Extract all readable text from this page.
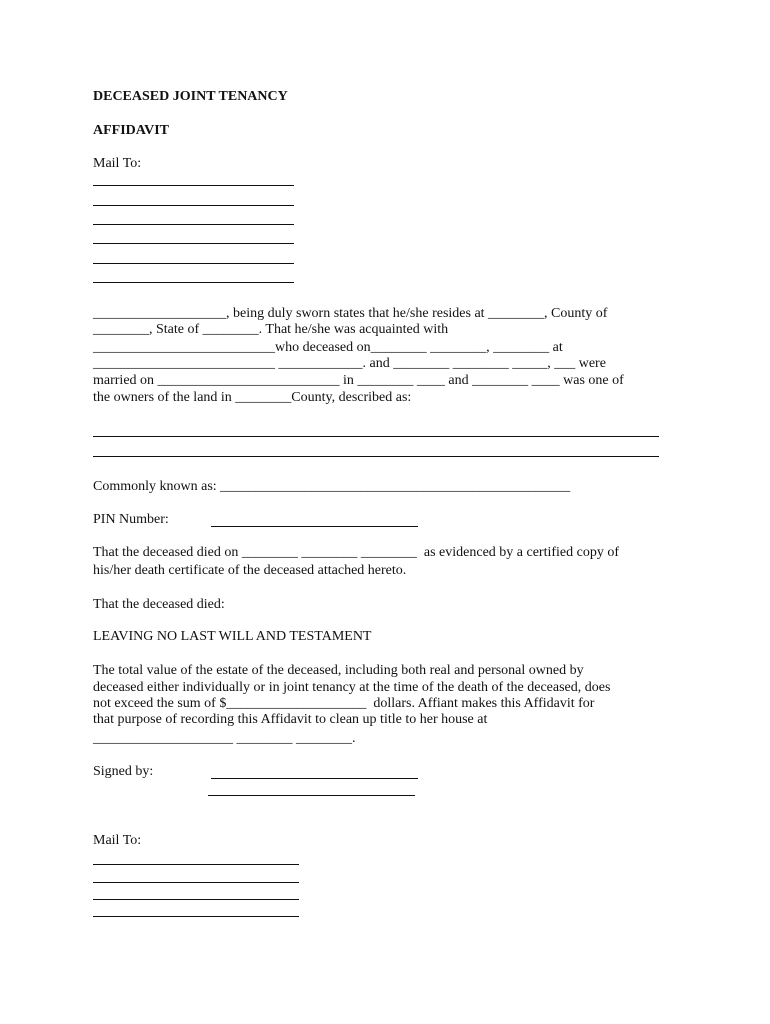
DECEASED JOINT TENANCY
AFFIDAVIT
Mail To:
___________________, being duly sworn states that he/she resides at ________, County of
________, State of ________. That he/she was acquainted with
__________________________who deceased on________ ________, ________ at
__________________________ ____________. and ________ ________ _____, ___ were
married on __________________________ in ________ ____ and ________ ____ was one of
the owners of the land in ________County, described as:
Commonly known as: __________________________________________________
PIN Number:
That the deceased died on ________ ________ ________  as evidenced by a certified copy of
his/her death certificate of the deceased attached hereto.
That the deceased died:
LEAVING NO LAST WILL AND TESTAMENT
The total value of the estate of the deceased, including both real and personal owned by
deceased either individually or in joint tenancy at the time of the death of the deceased, does
not exceed the sum of $____________________  dollars. Affiant makes this Affidavit for
that purpose of recording this Affidavit to clean up title to her house at
____________________ ________ ________.
Signed by:
Mail To:
